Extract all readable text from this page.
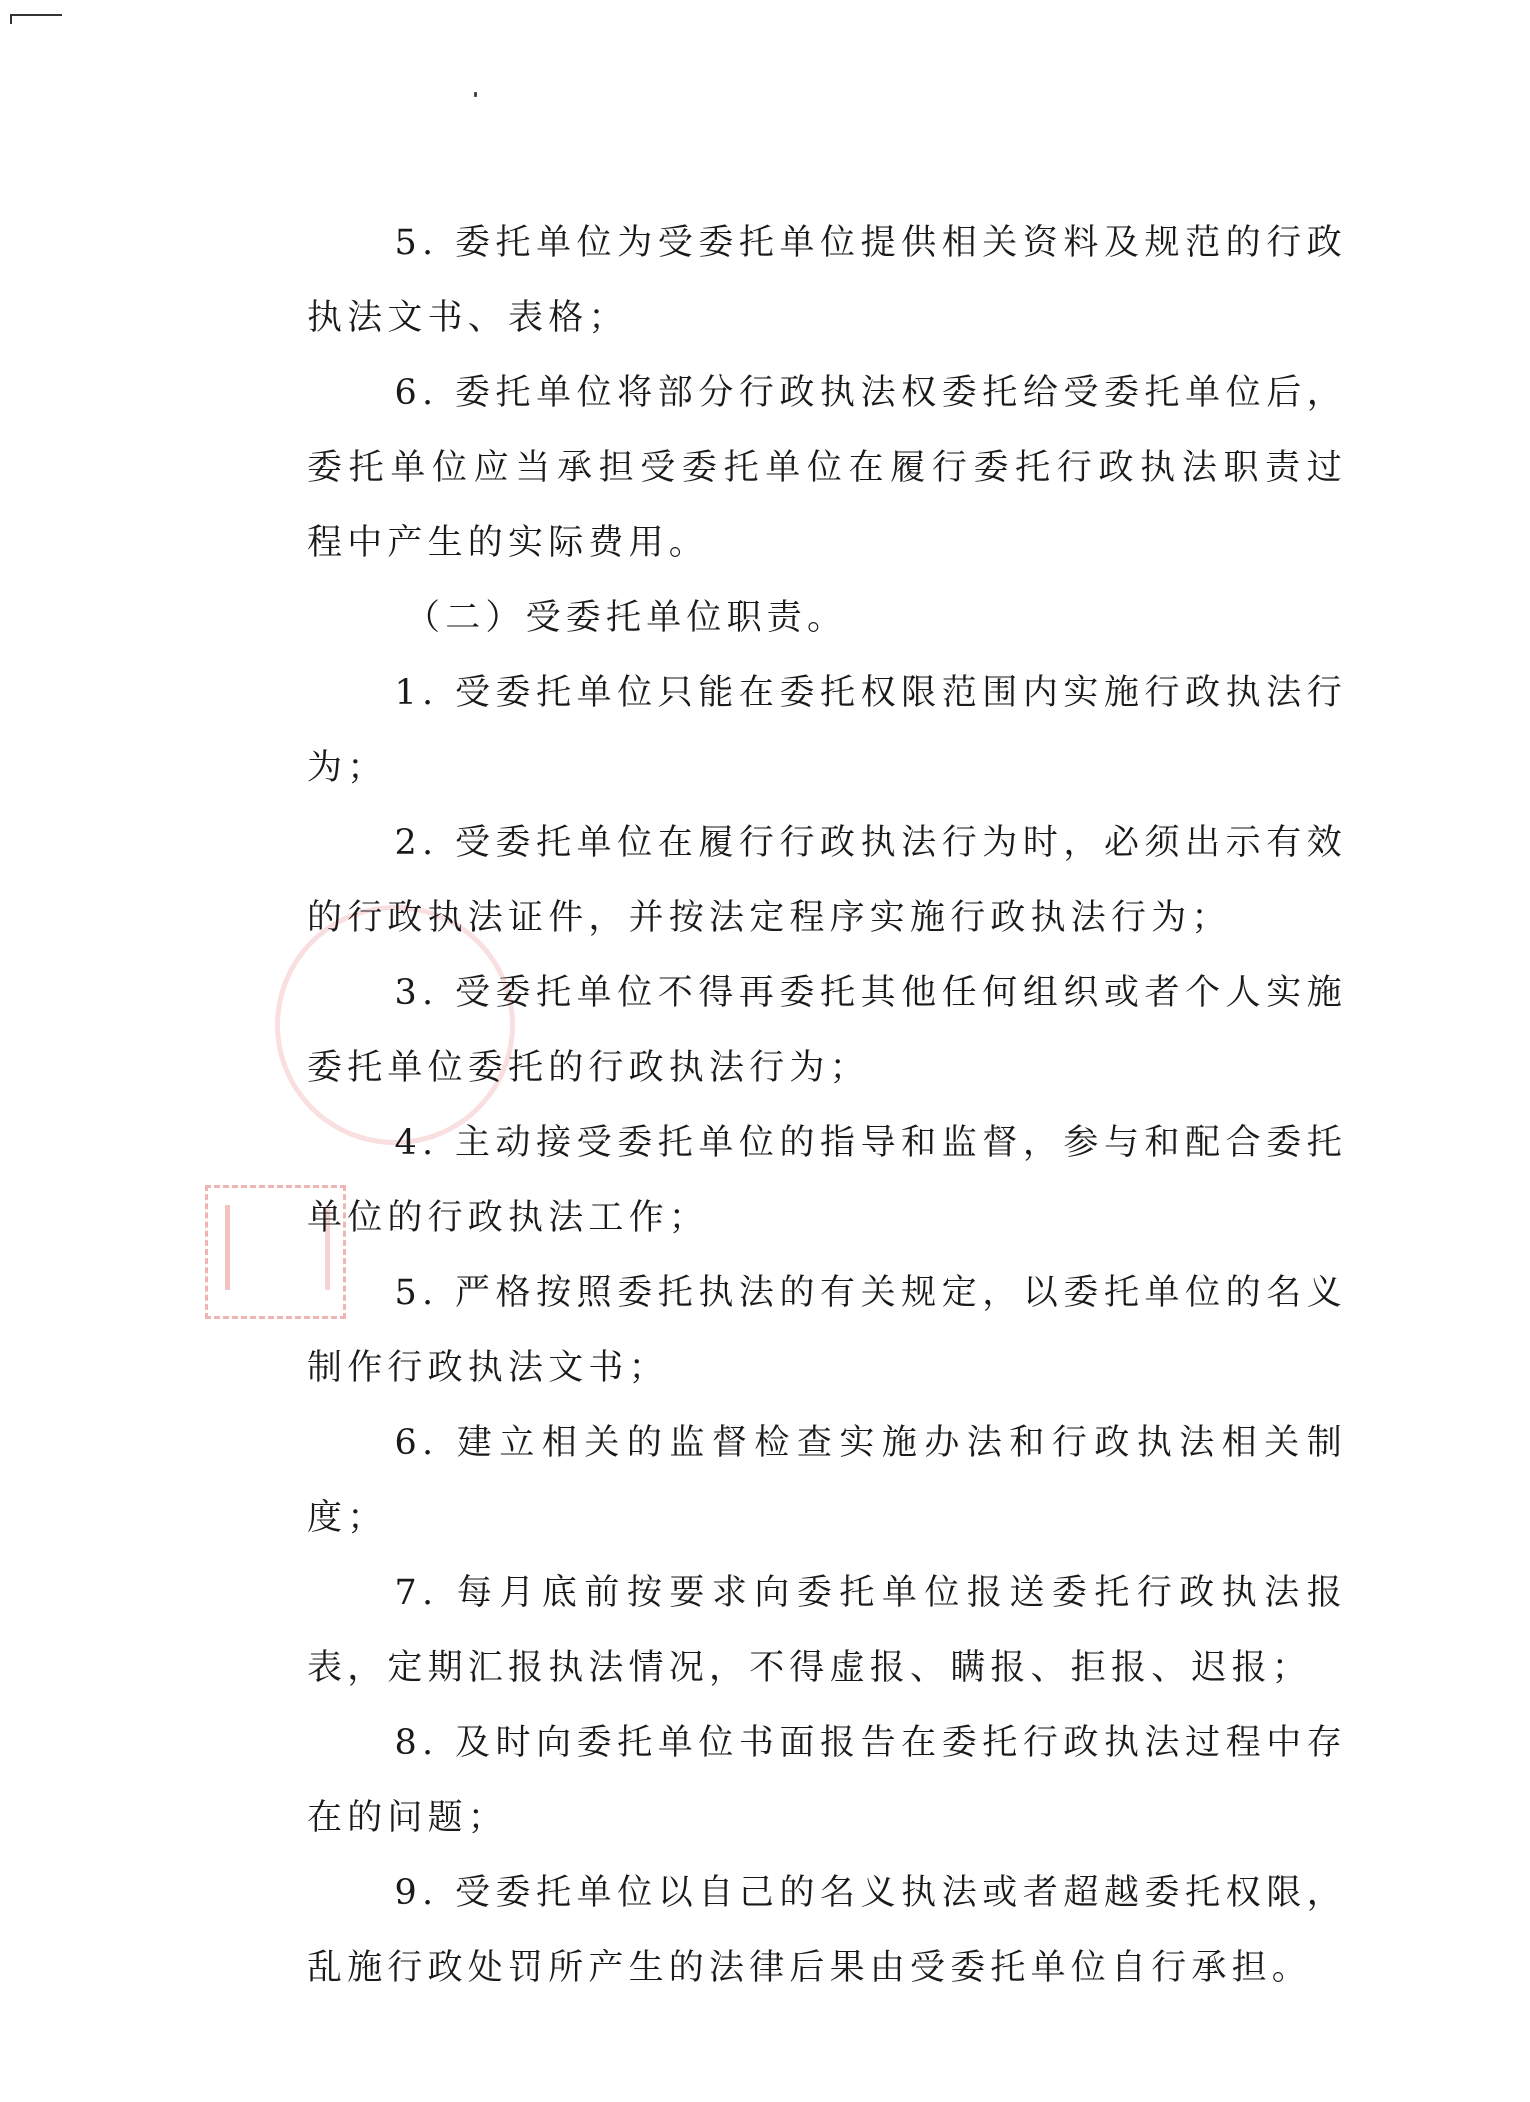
5. 委托单位为受委托单位提供相关资料及规范的行政执法文书、表格；

6. 委托单位将部分行政执法权委托给受委托单位后，委托单位应当承担受委托单位在履行委托行政执法职责过程中产生的实际费用。

（二）受委托单位职责。

1. 受委托单位只能在委托权限范围内实施行政执法行为；

2. 受委托单位在履行行政执法行为时，必须出示有效的行政执法证件，并按法定程序实施行政执法行为；

3. 受委托单位不得再委托其他任何组织或者个人实施委托单位委托的行政执法行为；

4. 主动接受委托单位的指导和监督，参与和配合委托单位的行政执法工作；

5. 严格按照委托执法的有关规定，以委托单位的名义制作行政执法文书；

6. 建立相关的监督检查实施办法和行政执法相关制度；

7. 每月底前按要求向委托单位报送委托行政执法报表，定期汇报执法情况，不得虚报、瞒报、拒报、迟报；

8. 及时向委托单位书面报告在委托行政执法过程中存在的问题；

9. 受委托单位以自己的名义执法或者超越委托权限，乱施行政处罚所产生的法律后果由受委托单位自行承担。
